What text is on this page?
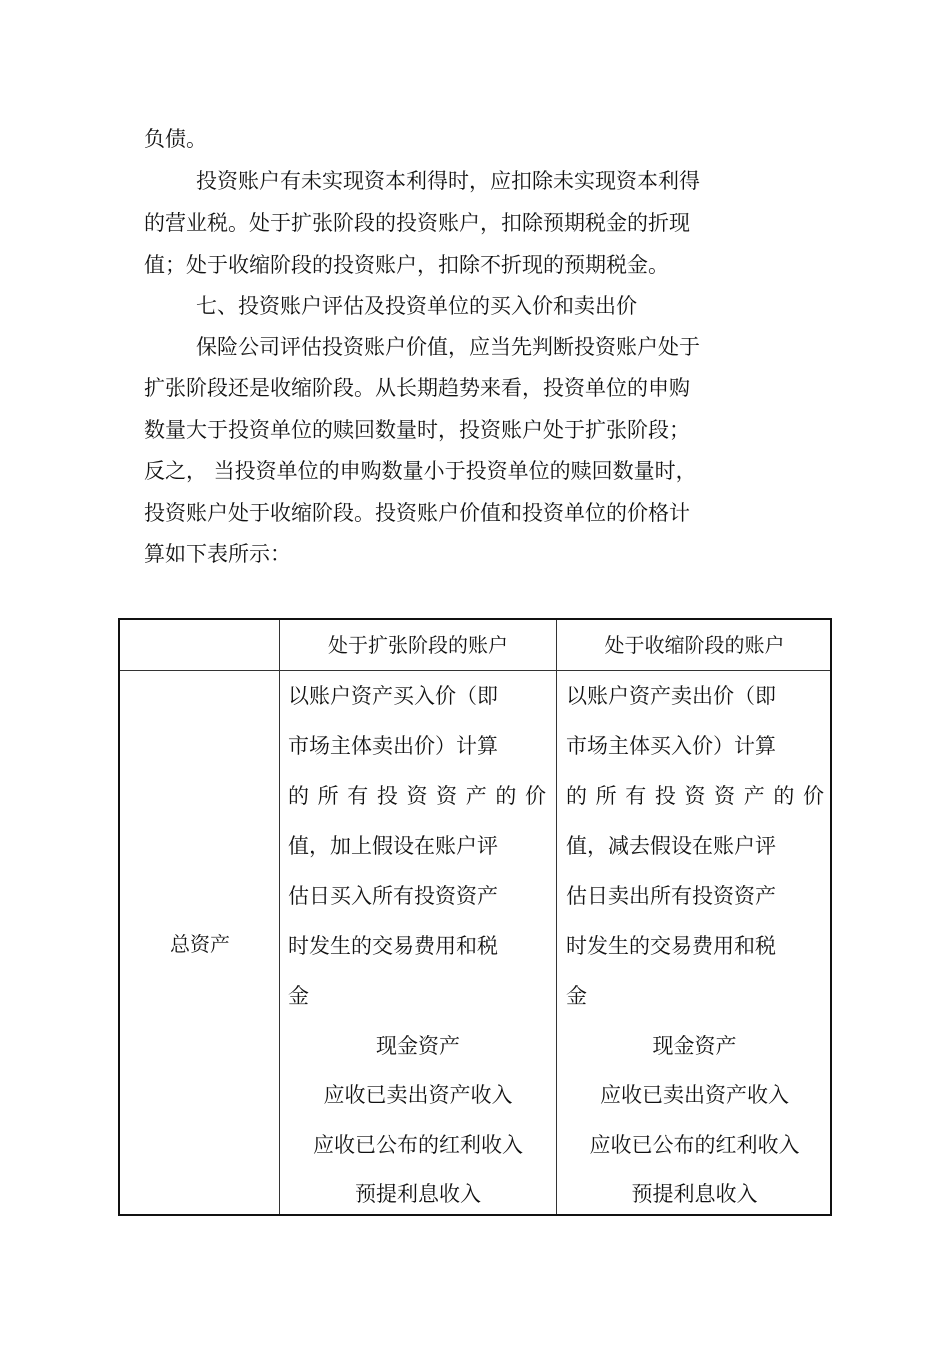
负债。
投资账户有未实现资本利得时，应扣除未实现资本利得
的营业税。处于扩张阶段的投资账户，扣除预期税金的折现
值；处于收缩阶段的投资账户，扣除不折现的预期税金。
七、投资账户评估及投资单位的买入价和卖出价
保险公司评估投资账户价值，应当先判断投资账户处于
扩张阶段还是收缩阶段。从长期趋势来看，投资单位的申购
数量大于投资单位的赎回数量时，投资账户处于扩张阶段；
反之， 当投资单位的申购数量小于投资单位的赎回数量时，
投资账户处于收缩阶段。投资账户价值和投资单位的价格计
算如下表所示：
处于扩张阶段的账户	处于收缩阶段的账户
总资产
以账户资产买入价（即
市场主体卖出价）计算
的所有投资资产的价
值，加上假设在账户评
估日买入所有投资资产
时发生的交易费用和税
金
现金资产
应收已卖出资产收入
应收已公布的红利收入
预提利息收入
以账户资产卖出价（即
市场主体买入价）计算
的所有投资资产的价
值，减去假设在账户评
估日卖出所有投资资产
时发生的交易费用和税
金
现金资产
应收已卖出资产收入
应收已公布的红利收入
预提利息收入
